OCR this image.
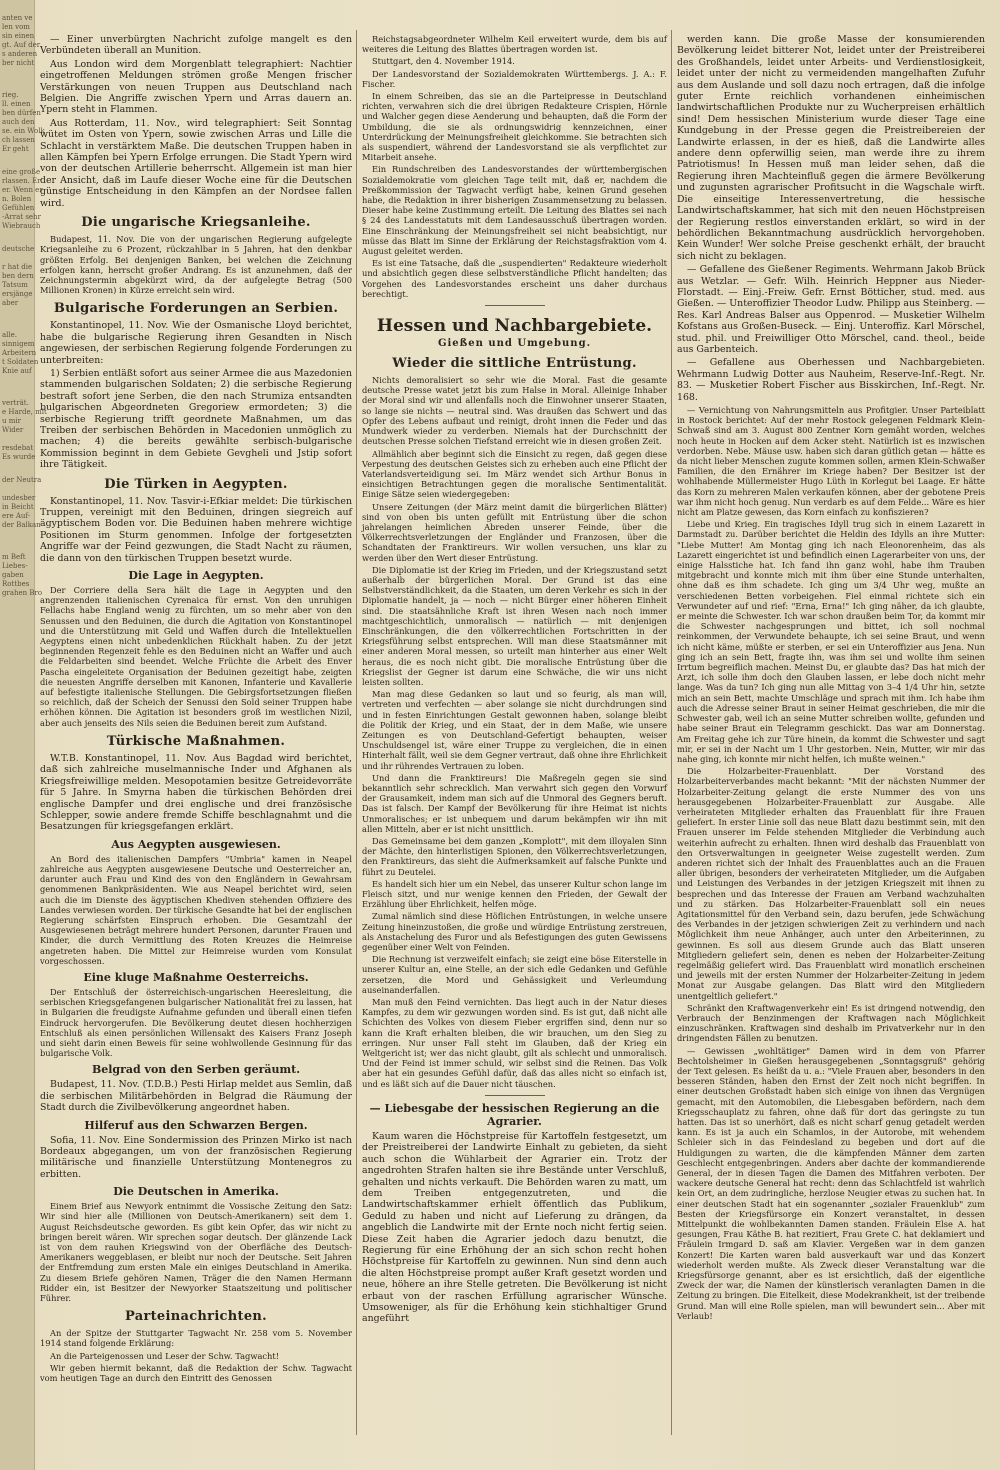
anten ve
len vom
sin einen
gt. Auf der
s anderen
ber nicht

rieg.
ll. einen
ben dürfen
auch den
se. ein Wolk
ch lassen
Er geht
eine große
rlassen. Er
er. Wenn er
n. Bolen
Gefühlen
-Arrat sehr
Wiebrauch
deutsche

r hat die
ben dern
Tatsum
ersjänge
aber

alle.
sinnigem
Arbeitern
t Soldaten
Knie auf

verträt.
e Harde, mit
u mir
Wider

resdebat
Es wurde
der Neutra

undesber
in Beicht
ere Auf-
der Balkan

m Beft
Liebes-
gaben
Rottbes
grahen Bro

— Einer unverbürgten Nachricht zufolge mangelt es den Verbündeten überall an Munition.

Aus London wird dem Morgenblatt telegraphiert: Nachtier eingetroffenen Meldungen strömen große Mengen frischer Verstärkungen von neuen Truppen aus Deutschland nach Belgien. Die Angriffe zwischen Ypern und Arras dauern an. Ypern steht in Flammen.

Aus Rotterdam, 11. Nov., wird telegraphiert: Seit Sonntag wütet im Osten von Ypern, sowie zwischen Arras und Lille die Schlacht in verstärktem Maße. Die deutschen Truppen haben in allen Kämpfen bei Ypern Erfolge errungen. Die Stadt Ypern wird von der deutschen Artillerie beherrscht. Allgemein ist man hier der Ansicht, daß im Laufe dieser Woche eine für die Deutschen günstige Entscheidung in den Kämpfen an der Nordsee fallen wird.

Die ungarische Kriegsanleihe.

Budapest, 11. Nov. Die von der ungarischen Regierung aufgelegte Kriegsanleihe zu 6 Prozent, rückzahlbar in 5 Jahren, hat den denkbar größten Erfolg. Bei denjenigen Banken, bei welchen die Zeichnung erfolgen kann, herrscht großer Andrang. Es ist anzunehmen, daß der Zeichnungstermin abgekürzt wird, da der aufgelegte Betrag (500 Millionen Kronen) in Kürze erreicht sein wird.

Bulgarische Forderungen an Serbien.

Konstantinopel, 11. Nov. Wie der Osmanische Lloyd berichtet, habe die bulgarische Regierung ihren Gesandten in Nisch angewiesen, der serbischen Regierung folgende Forderungen zu unterbreiten:

1) Serbien entläßt sofort aus seiner Armee die aus Mazedonien stammenden bulgarischen Soldaten; 2) die serbische Regierung bestraft sofort jene Serben, die den nach Strumiza entsandten bulgarischen Abgeordneten Gregoriew ermordeten; 3) die serbische Regierung trifft geordnete Maßnahmen, um das Treiben der serbischen Behörden in Macedonien unmöglich zu machen; 4) die bereits gewählte serbisch-bulgarische Kommission beginnt in dem Gebiete Gevgheli und Jstip sofort ihre Tätigkeit.

Die Türken in Aegypten.

Konstantinopel, 11. Nov. Tasvir-i-Efkiar meldet: Die türkischen Truppen, vereinigt mit den Beduinen, dringen siegreich auf ägyptischem Boden vor. Die Beduinen haben mehrere wichtige Positionen im Sturm genommen. Infolge der fortgesetzten Angriffe war der Feind gezwungen, die Stadt Nacht zu räumen, die dann von den türkischen Truppen besetzt wurde.

Die Lage in Aegypten.

Der Corriere della Sera hält die Lage in Aegypten und den angrenzenden italienischen Cyrenaica für ernst. Von den unruhigen Fellachs habe England wenig zu fürchten, um so mehr aber von den Senussen und den Beduinen, die durch die Agitation von Konstantinopel und die Unterstützung mit Geld und Waffen durch die Intellektuellen Aegyptens einen nicht unbedenklichen Rückhalt haben. Zu der jetzt beginnenden Regenzeit fehle es den Beduinen nicht an Waffer und auch die Feldarbeiten sind beendet. Welche Früchte die Arbeit des Enver Pascha eingeleitete Organisation der Beduinen gezeitigt habe, zeigten die neuesten Angriffe derselben mit Kanonen, Infanterie und Kavallerie auf befestigte italienische Stellungen. Die Gebirgsfortsetzungen fließen so reichlich, daß der Scheich der Senussi den Sold seiner Truppen habe erhöhen können. Die Agitation ist besonders groß im westlichen Nizil, aber auch jenseits des Nils seien die Beduinen bereit zum Aufstand.

Türkische Maßnahmen.

W.T.B. Konstantinopel, 11. Nov. Aus Bagdad wird berichtet, daß sich zahlreiche muselmannische Inder und Afghanen als Kriegsfreiwillige melden. Mesopotamien besitze Getreidevorräte für 5 Jahre. In Smyrna haben die türkischen Behörden drei englische Dampfer und drei englische und drei französische Schlepper, sowie andere fremde Schiffe beschlagnahmt und die Besatzungen für kriegsgefangen erklärt.

Aus Aegypten ausgewiesen.

An Bord des italienischen Dampfers "Umbria" kamen in Neapel zahlreiche aus Aegypten ausgewiesene Deutsche und Oesterreicher an, darunter auch Frau und Kind des von den Engländern in Gewahrsam genommenen Bankpräsidenten. Wie aus Neapel berichtet wird, seien auch die im Dienste des ägyptischen Khediven stehenden Offiziere des Landes verwiesen worden. Der türkische Gesandte hat bei der englischen Regierung schärfsten Einspruch erhoben. Die Gesamtzahl der Ausgewiesenen beträgt mehrere hundert Personen, darunter Frauen und Kinder, die durch Vermittlung des Roten Kreuzes die Heimreise angetreten haben. Die Mittel zur Heimreise wurden vom Konsulat vorgeschossen.

Eine kluge Maßnahme Oesterreichs.

Der Entschluß der österreichisch-ungarischen Heeresleitung, die serbischen Kriegsgefangenen bulgarischer Nationalität frei zu lassen, hat in Bulgarien die freudigste Aufnahme gefunden und überall einen tiefen Eindruck hervorgerufen. Die Bevölkerung deutet diesen hochherzigen Entschluß als einen persönlichen Willensakt des Kaisers Franz Joseph und sieht darin einen Beweis für seine wohlwollende Gesinnung für das bulgarische Volk.

Belgrad von den Serben geräumt.

Budapest, 11. Nov. (T.D.B.) Pesti Hirlap meldet aus Semlin, daß die serbischen Militärbehörden in Belgrad die Räumung der Stadt durch die Zivilbevölkerung angeordnet haben.

Hilferuf aus den Schwarzen Bergen.

Sofia, 11. Nov. Eine Sondermission des Prinzen Mirko ist nach Bordeaux abgegangen, um von der französischen Regierung militärische und finanzielle Unterstützung Montenegros zu erbitten.

Die Deutschen in Amerika.

Einem Brief aus Newyork entnimmt die Vossische Zeitung den Satz: Wir sind hier alle (Millionen von Deutsch-Amerikanern) seit dem 1. August Reichsdeutsche geworden. Es gibt kein Opfer, das wir nicht zu bringen bereit wären. Wir sprechen sogar deutsch. Der glänzende Lack ist von dem rauhen Kriegswind von der Oberfläche des Deutsch-Amerikaners weggeblasen, er bleibt nur noch der Deutsche. Seit Jahren der Entfremdung zum ersten Male ein einiges Deutschland in Amerika. Zu diesem Briefe gehören Namen, Träger die den Namen Hermann Ridder ein, ist Besitzer der Newyorker Staatszeitung und politischer Führer.

Parteinachrichten.

An der Spitze der Stuttgarter Tagwacht Nr. 258 vom 5. November 1914 stand folgende Erklärung:

An die Parteigenossen und Leser der Schw. Tagwacht!

Wir geben hiermit bekannt, daß die Redaktion der Schw. Tagwacht vom heutigen Tage an durch den Eintritt des Genossen

Reichstagsabgeordneter Wilhelm Keil erweitert wurde, dem bis auf weiteres die Leitung des Blattes übertragen worden ist.

Stuttgart, den 4. November 1914.

Der Landesvorstand der Sozialdemokraten Württembergs. J. A.: F. Fischer.

In einem Schreiben, das sie an die Parteipresse in Deutschland richten, verwahren sich die drei übrigen Redakteure Crispien, Hörnle und Walcher gegen diese Aenderung und behaupten, daß die Form der Umbildung, die sie als ordnungswidrig kennzeichnen, einer Unterdrückung der Meinungsfreiheit gleichkomme. Sie betrachten sich als suspendiert, während der Landesvorstand sie als verpflichtet zur Mitarbeit ansehe.

Ein Rundschreiben des Landesvorstandes der württembergischen Sozialdemokratie vom gleichen Tage teilt mit, daß er, nachdem die Preßkommission der Tagwacht verfügt habe, keinen Grund gesehen habe, die Redaktion in ihrer bisherigen Zusammensetzung zu belassen. Dieser habe keine Zustimmung erteilt. Die Leitung des Blattes sei nach § 24 des Landesstatuts mit dem Landesausschuß übertragen worden. Eine Einschränkung der Meinungsfreiheit sei nicht beabsichtigt, nur müsse das Blatt im Sinne der Erklärung der Reichstagsfraktion vom 4. August geleitet werden.

Es ist eine Tatsache, daß die „suspendierten" Redakteure wiederholt und absichtlich gegen diese selbstverständliche Pflicht handelten; das Vorgehen des Landesvorstandes erscheint uns daher durchaus berechtigt.

Hessen und Nachbargebiete.
Gießen und Umgebung.
Wieder die sittliche Entrüstung.

Nichts demoralisiert so sehr wie die Moral. Fast die gesamte deutsche Presse watet jetzt bis zum Halse in Moral. Alleinige Inhaber der Moral sind wir und allenfalls noch die Einwohner unserer Staaten, so lange sie nichts — neutral sind. Was draußen das Schwert und das Opfer des Lebens aufbaut und reinigt, droht innen die Feder und das Mundwerk wieder zu verderben. Niemals hat der Durchschnitt der deutschen Presse solchen Tiefstand erreicht wie in diesen großen Zeit.

Allmählich aber beginnt sich die Einsicht zu regen, daß gegen diese Verpestung des deutschen Geistes sich zu erheben auch eine Pflicht der Vaterlandsverteidigung sei. Im März wendet sich Arthur Bonus in einsichtigen Betrachtungen gegen die moralische Sentimentalität. Einige Sätze seien wiedergegeben:

Unsere Zeitungen (der März meint damit die bürgerlichen Blätter) sind von oben bis unten gefüllt mit Entrüstung über die schon jahrelangen heimlichen Abreden unserer Feinde, über die Völkerrechtsverletzungen der Engländer und Franzosen, über die Schandtaten der Franktireurs. Wir wollen versuchen, uns klar zu werden über den Wert dieser Entrüstung.

Die Diplomatie ist der Krieg im Frieden, und der Kriegszustand setzt außerhalb der bürgerlichen Moral. Der Grund ist das eine Selbstverständlichkeit, da die Staaten, um deren Verkehr es sich in der Diplomatie handelt, ja — noch — nicht Bürger einer höheren Einheit sind. Die staatsähnliche Kraft ist ihren Wesen nach noch immer machtgeschichtlich, unmoralisch — natürlich — mit denjenigen Einschränkungen, die den völkerrechtlichen Fortschritten in der Kriegsführung selbst entsprechen. Will man diese Staatsmänner mit einer anderen Moral messen, so urteilt man hinterher aus einer Welt heraus, die es noch nicht gibt. Die moralische Entrüstung über die Kriegslist der Gegner ist darum eine Schwäche, die wir uns nicht leisten sollten.

Man mag diese Gedanken so laut und so feurig, als man will, vertreten und verfechten — aber solange sie nicht durchdrungen sind und in festen Einrichtungen Gestalt gewonnen haben, solange bleibt die Politik der Krieg, und ein Staat, der in dem Maße, wie unsere Zeitungen es von Deutschland-Gefertigt behaupten, weiser Unschuldsengel ist, wäre einer Truppe zu vergleichen, die in einen Hinterhalt fällt, weil sie dem Gegner vertraut, daß ohne ihre Ehrlichkeit und ihr rührendes Vertrauen zu loben.

Und dann die Franktireurs! Die Maßregeln gegen sie sind bekanntlich sehr schrecklich. Man verwahrt sich gegen den Vorwurf der Grausamkeit, indem man sich auf die Unmoral des Gegners beruft. Das ist falsch. Der Kampf der Bevölkerung für ihre Heimat ist nichts Unmoralisches; er ist unbequem und darum bekämpfen wir ihn mit allen Mitteln, aber er ist nicht unsittlich.

Das Gemeinsame bei dem ganzen „Komplott", mit dem illoyalen Sinn der Mächte, den hinterlistigen Spionen, den Völkerrechtsverletzungen, den Franktireurs, das sieht die Aufmerksamkeit auf falsche Punkte und führt zu Deutelei.

Es handelt sich hier um ein Nebel, das unserer Kultur schon lange im Fleisch sitzt, und nur wenige kennen den Frieden, der Gewalt der Erzählung über Ehrlichkeit, helfen möge.

Zumal nämlich sind diese Höflichen Entrüstungen, in welche unsere Zeitung hineinzustoßen, die große und würdige Entrüstung zerstreuen, als Anstachelung des Furor und als Befestigungen des guten Gewissens gegenüber einer Welt von Feinden.

Die Rechnung ist verzweifelt einfach; sie zeigt eine böse Eiterstelle in unserer Kultur an, eine Stelle, an der sich edle Gedanken und Gefühle zersetzen, die Mord und Gehässigkeit und Verleumdung auseinanderfallen.

Man muß den Feind vernichten. Das liegt auch in der Natur dieses Kampfes, zu dem wir gezwungen worden sind. Es ist gut, daß nicht alle Schichten des Volkes von diesem Fieber ergriffen sind, denn nur so kann die Kraft erhalten bleiben, die wir brauchen, um den Sieg zu erringen. Nur unser Fall steht im Glauben, daß der Krieg ein Weltgericht ist; wer das nicht glaubt, gilt als schlecht und unmoralisch. Und der Feind ist immer schuld, wir selbst sind die Reinen. Das Volk aber hat ein gesundes Gefühl dafür, daß das alles nicht so einfach ist, und es läßt sich auf die Dauer nicht täuschen.

— Liebesgabe der hessischen Regierung an die Agrarier.

Kaum waren die Höchstpreise für Kartoffeln festgesetzt, um der Preistreiberei der Landwirte Einhalt zu gebieten, da sieht auch schon die Wühlarbeit der Agrarier ein. Trotz der angedrohten Strafen halten sie ihre Bestände unter Verschluß, gehalten und nichts verkauft. Die Behörden waren zu matt, um dem Treiben entgegenzutreten, und die Landwirtschaftskammer erhielt öffentlich das Publikum, Geduld zu haben und nicht auf Lieferung zu drängen, da angeblich die Landwirte mit der Ernte noch nicht fertig seien. Diese Zeit haben die Agrarier jedoch dazu benutzt, die Regierung für eine Erhöhung der an sich schon recht hohen Höchstpreise für Kartoffeln zu gewinnen. Nun sind denn auch die alten Höchstpreise prompt außer Kraft gesetzt worden und neue, höhere an ihre Stelle getreten. Die Bevölkerung ist nicht erbaut von der raschen Erfüllung agrarischer Wünsche. Umsoweniger, als für die Erhöhung kein stichhaltiger Grund angeführt

werden kann. Die große Masse der konsumierenden Bevölkerung leidet bitterer Not, leidet unter der Preistreiberei des Großhandels, leidet unter Arbeits- und Verdienstlosigkeit, leidet unter der nicht zu vermeidenden mangelhaften Zufuhr aus dem Auslande und soll dazu noch ertragen, daß die infolge guter Ernte reichlich vorhandenen einheimischen landwirtschaftlichen Produkte nur zu Wucherpreisen erhältlich sind! Dem hessischen Ministerium wurde dieser Tage eine Kundgebung in der Presse gegen die Preistreibereien der Landwirte erlassen, in der es hieß, daß die Landwirte alles andere denn opferwillig seien, man werde ihre zu ihrem Patriotismus! In Hessen muß man leider sehen, daß die Regierung ihren Machteinfluß gegen die ärmere Bevölkerung und zugunsten agrarischer Profitsucht in die Wagschale wirft. Die einseitige Interessenvertretung, die hessische Landwirtschaftskammer, hat sich mit den neuen Höchstpreisen der Regierung restlos einverstanden erklärt, so wird in der behördlichen Bekanntmachung ausdrücklich hervorgehoben. Kein Wunder! Wer solche Preise geschenkt erhält, der braucht sich nicht zu beklagen.

— Gefallene des Gießener Regiments. Wehrmann Jakob Brück aus Wetzlar. — Gefr. Wilh. Heinrich Heppner aus Nieder-Florstadt. — Einj.-Freiw. Gefr. Ernst Bötticher, stud. med. aus Gießen. — Unteroffizier Theodor Ludw. Philipp aus Steinberg. — Res. Karl Andreas Balser aus Oppenrod. — Musketier Wilhelm Kofstans aus Großen-Buseck. — Einj. Unteroffiz. Karl Mörschel, stud. phil. und Freiwilliger Otto Mörschel, cand. theol., beide aus Garbenteich.

— Gefallene aus Oberhessen und Nachbargebieten. Wehrmann Ludwig Dotter aus Nauheim, Reserve-Inf.-Regt. Nr. 83. — Musketier Robert Fischer aus Bisskirchen, Inf.-Regt. Nr. 168.

— Vernichtung von Nahrungsmitteln aus Profitgier. Unser Parteiblatt in Rostock berichtet: Auf der mehr Rostock gelegenen Feldmark Klein-Schwaß sind am 3. August 800 Zentner Korn gemäht worden, welches noch heute in Hocken auf dem Acker steht. Natürlich ist es inzwischen verdorben. Nebe. Mäuse usw. haben sich daran gütlich getan — hätte es da nicht lieber Menschen zugute kommen sollen, armen Klein-Schwaßer Familien, die den Ernährer im Kriege haben? Der Besitzer ist der wohlhabende Müllermeister Hugo Lüth in Korlegut bei Laage. Er hätte das Korn zu mehreren Malen verkaufen können, aber der gebotene Preis war ihm nicht hoch genug. Nun verdarb es auf dem Felde... Wäre es hier nicht am Platze gewesen, das Korn einfach zu konfiszieren?

Liebe und Krieg. Ein tragisches Idyll trug sich in einem Lazarett in Darmstadt zu. Darüber berichtet die Heldin des Idylls an ihre Mutter: "Liebe Mutter! Am Montag ging ich nach Eleonorenheim, das als Lazarett eingerichtet ist und befindlich einen Lagerarbeiter von uns, der einige Halsstiche hat. Ich fand ihn ganz wohl, habe ihm Trauben mitgebracht und konnte mich mit ihm über eine Stunde unterhalten, ohne daß es ihm schadete. Ich ging um 3/4 Uhr weg, mußte an verschiedenen Betten vorbeigehen. Fiel einmal richtete sich ein Verwundeter auf und rief: "Erna, Erna!" Ich ging näher, da ich glaubte, er meinte die Schwester. Ich war schon draußen beim Tor, da kommt mir die Schwester nachgesprungen und bittet, ich soll nochmal reinkommen, der Verwundete behaupte, ich sei seine Braut, und wenn ich nicht käme, müßte er sterben, er sei ein Unteroffizier aus Jena. Nun ging ich an sein Bett, fragte ihn, was ihm sei und wollte ihm seinen Irrtum begreiflich machen. Meinst Du, er glaubte das? Das hat mich der Arzt, ich solle ihm doch den Glauben lassen, er lebe doch nicht mehr lange. Was da tun? Ich ging nun alle Mittag von 3–4 1/4 Uhr hin, setzte mich an sein Bett, machte Umschläge und sprach mit ihm. Ich habe ihm auch die Adresse seiner Braut in seiner Heimat geschrieben, die mir die Schwester gab, weil ich an seine Mutter schreiben wollte, gefunden und habe seiner Braut ein Telegramm geschickt. Das war am Donnerstag. Am Freitag gehe ich zur Türe hinein, da kommt die Schwester und sagt mir, er sei in der Nacht um 1 Uhr gestorben. Nein, Mutter, wir mir das nahe ging, ich konnte mir nicht helfen, ich mußte weinen."

Die Holzarbeiter-Frauenblatt. Der Vorstand des Holzarbeiterverbandes macht bekannt: "Mit der nächsten Nummer der Holzarbeiter-Zeitung gelangt die erste Nummer des von uns herausgegebenen Holzarbeiter-Frauenblatt zur Ausgabe. Alle verheirateten Mitglieder erhalten das Frauenblatt für ihre Frauen geliefert. In erster Linie soll das neue Blatt dazu bestimmt sein, mit den Frauen unserer im Felde stehenden Mitglieder die Verbindung auch weiterhin aufrecht zu erhalten. Ihnen wird deshalb das Frauenblatt von den Ortsverwaltungen in geeigneter Weise zugestellt werden. Zum anderen richtet sich der Inhalt des Frauenblattes auch an die Frauen aller übrigen, besonders der verheirateten Mitglieder, um die Aufgaben und Leistungen des Verbandes in der jetzigen Kriegszeit mit ihnen zu besprechen und das Interesse der Frauen am Verband wachzuhalten und zu stärken. Das Holzarbeiter-Frauenblatt soll ein neues Agitationsmittel für den Verband sein, dazu berufen, jede Schwächung des Verbandes in der jetzigen schwierigen Zeit zu verhindern und nach Möglichkeit ihm neue Anhänger, auch unter den Arbeiterinnen, zu gewinnen. Es soll aus diesem Grunde auch das Blatt unseren Mitgliedern geliefert sein, denen es neben der Holzarbeiter-Zeitung regelmäßig geliefert wird. Das Frauenblatt wird monatlich erscheinen und jeweils mit der ersten Nummer der Holzarbeiter-Zeitung in jedem Monat zur Ausgabe gelangen. Das Blatt wird den Mitgliedern unentgeltlich geliefert."

Schränkt den Kraftwagenverkehr ein! Es ist dringend notwendig, den Verbrauch der Benzinmengen der Kraftwagen nach Möglichkeit einzuschränken. Kraftwagen sind deshalb im Privatverkehr nur in den dringendsten Fällen zu benutzen.

— Gewissen „wohltätiger" Damen wird in dem von Pfarrer Bechtolsheimer in Gießen herausgegebenen „Sonntagsgruß" gehörig der Text gelesen. Es heißt da u. a.: "Viele Frauen aber, besonders in den besseren Ständen, haben den Ernst der Zeit noch nicht begriffen. In einer deutschen Großstadt haben sich einige von ihnen das Vergnügen gemacht, mit den Automobilen, die Liebesgaben befördern, nach dem Kriegsschauplatz zu fahren, ohne daß für dort das geringste zu tun hatten. Das ist so unerhört, daß es nicht scharf genug getadelt werden kann. Es ist ja auch ein Schamlos, in der Autorobe, mit wehendem Schleier sich in das Feindesland zu begeben und dort auf die Huldigungen zu warten, die die kämpfenden Männer dem zarten Geschlecht entgegenbringen. Anders aber dachte der kommandierende General, der in diesen Tagen die Damen des Mitfahren verboten. Der wackere deutsche General hat recht: denn das Schlachtfeld ist wahrlich kein Ort, an dem zudringliche, herzlose Neugier etwas zu suchen hat. In einer deutschen Stadt hat ein sogenannter „sozialer Frauenklub" zum Besten der Kriegsfürsorge ein Konzert veranstaltet, in dessen Mittelpunkt die wohlbekannten Damen standen. Fräulein Else A. hat gesungen, Frau Käthe B. hat rezitiert, Frau Grete C. hat deklamiert und Fräulein Irmgard D. saß am Klavier. Vergeßen war in dem ganzen Konzert! Die Karten waren bald ausverkauft war und das Konzert wiederholt werden mußte. Als Zweck dieser Veranstaltung war die Kriegsfürsorge genannt, aber es ist ersichtlich, daß der eigentliche Zweck der war, die Namen der künstlerisch veranlagten Damen in die Zeitung zu bringen. Die Eitelkeit, diese Modekrankheit, ist der treibende Grund. Man will eine Rolle spielen, man will bewundert sein... Aber mit Verlaub!
